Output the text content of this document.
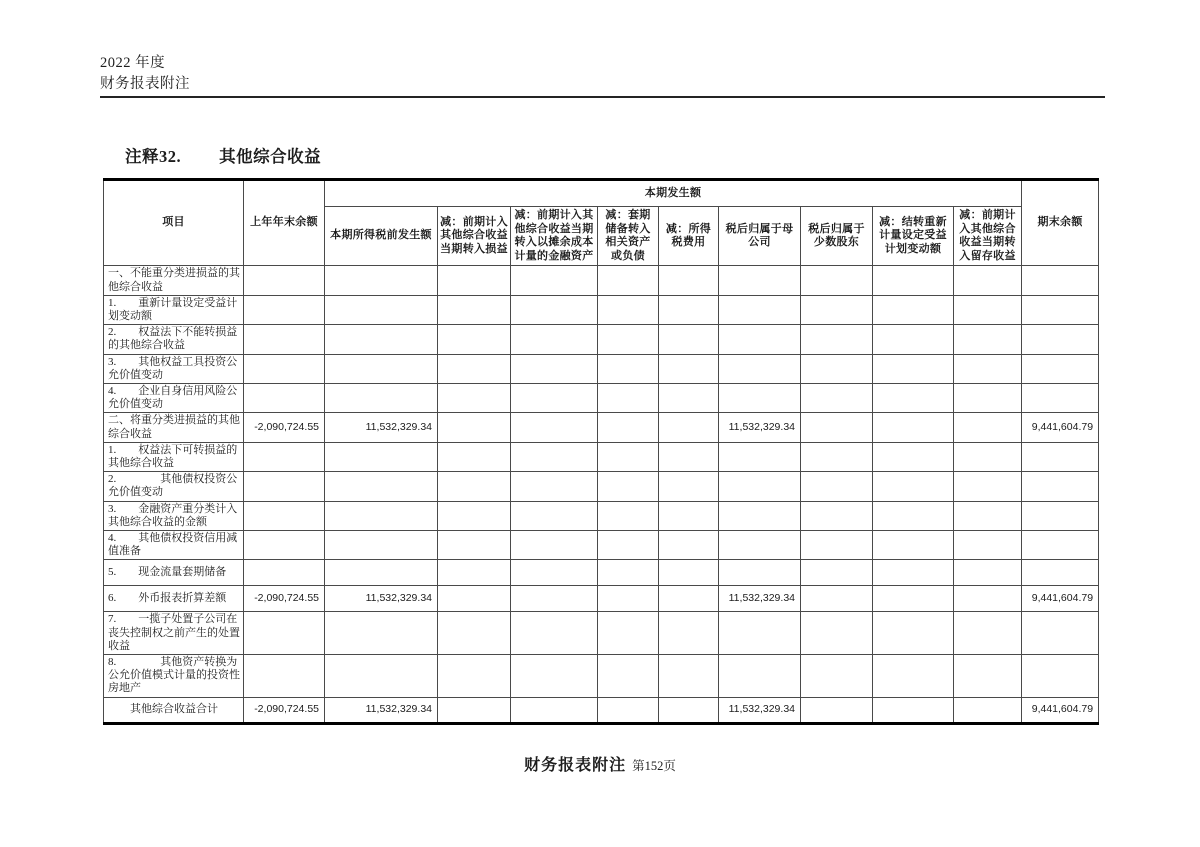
2022 年度
财务报表附注
注释32. 其他综合收益
项目	上年年末余额	本期发生额									期末余额
		本期所得税前发生额	减：前期计入其他综合收益当期转入损益	减：前期计入其他综合收益当期转入以摊余成本计量的金融资产	减：套期储备转入相关资产或负债	减：所得税费用	税后归属于母公司	税后归属于少数股东	减：结转重新计量设定受益计划变动额	减：前期计入其他综合收益当期转入留存收益	
一、不能重分类进损益的其他综合收益											
1.　　重新计量设定受益计划变动额											
2.　　权益法下不能转损益的其他综合收益											
3.　　其他权益工具投资公允价值变动											
4.　　企业自身信用风险公允价值变动											
二、将重分类进损益的其他综合收益	-2,090,724.55	11,532,329.34					11,532,329.34				9,441,604.79
1.　　权益法下可转损益的其他综合收益											
2.　　　　其他债权投资公允价值变动											
3.　　金融资产重分类计入其他综合收益的金额											
4.　　其他债权投资信用减值准备											
5.　　现金流量套期储备											
6.　　外币报表折算差额	-2,090,724.55	11,532,329.34					11,532,329.34				9,441,604.79
7.　　一揽子处置子公司在丧失控制权之前产生的处置收益											
8.　　　　其他资产转换为公允价值模式计量的投资性房地产											
　　其他综合收益合计	-2,090,724.55	11,532,329.34					11,532,329.34				9,441,604.79
财务报表附注 第152页
